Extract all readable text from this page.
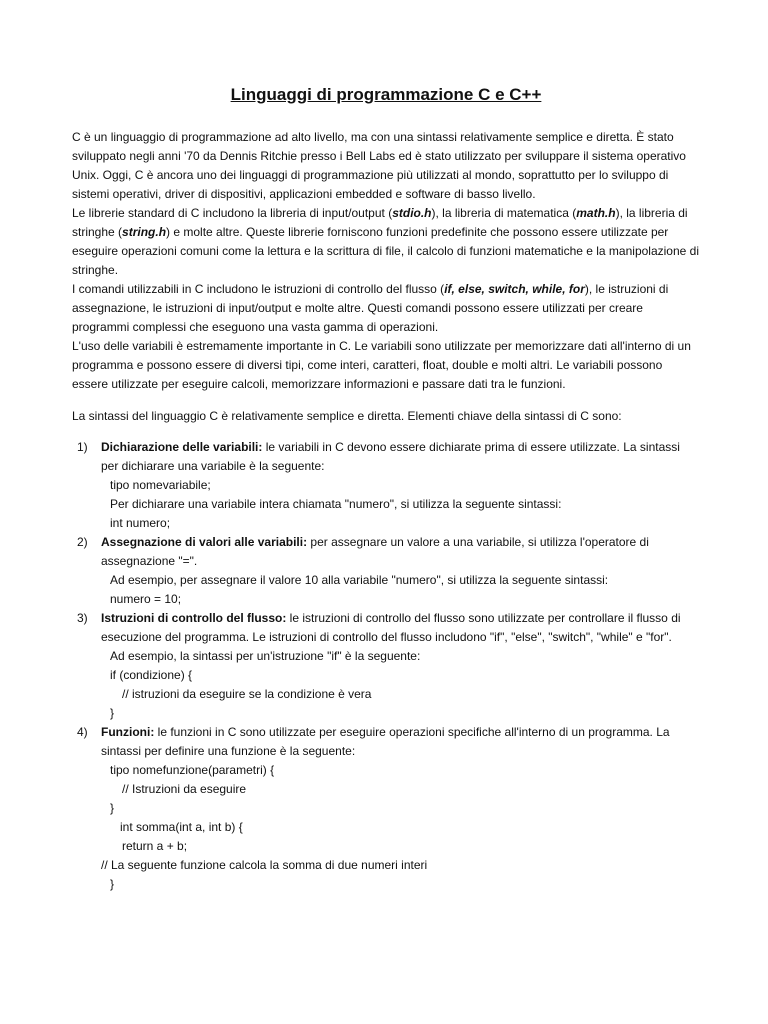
Linguaggi di programmazione C e C++

C è un linguaggio di programmazione ad alto livello, ma con una sintassi relativamente semplice e diretta. È stato sviluppato negli anni '70 da Dennis Ritchie presso i Bell Labs ed è stato utilizzato per sviluppare il sistema operativo Unix. Oggi, C è ancora uno dei linguaggi di programmazione più utilizzati al mondo, soprattutto per lo sviluppo di sistemi operativi, driver di dispositivi, applicazioni embedded e software di basso livello.

Le librerie standard di C includono la libreria di input/output (stdio.h), la libreria di matematica (math.h), la libreria di stringhe (string.h) e molte altre. Queste librerie forniscono funzioni predefinite che possono essere utilizzate per eseguire operazioni comuni come la lettura e la scrittura di file, il calcolo di funzioni matematiche e la manipolazione di stringhe.

I comandi utilizzabili in C includono le istruzioni di controllo del flusso (if, else, switch, while, for), le istruzioni di assegnazione, le istruzioni di input/output e molte altre. Questi comandi possono essere utilizzati per creare programmi complessi che eseguono una vasta gamma di operazioni.

L'uso delle variabili è estremamente importante in C. Le variabili sono utilizzate per memorizzare dati all'interno di un programma e possono essere di diversi tipi, come interi, caratteri, float, double e molti altri. Le variabili possono essere utilizzate per eseguire calcoli, memorizzare informazioni e passare dati tra le funzioni.

La sintassi del linguaggio C è relativamente semplice e diretta. Elementi chiave della sintassi di C sono:

1) Dichiarazione delle variabili: le variabili in C devono essere dichiarate prima di essere utilizzate. La sintassi per dichiarare una variabile è la seguente:
tipo nomevariabile;
Per dichiarare una variabile intera chiamata "numero", si utilizza la seguente sintassi:
int numero;
2) Assegnazione di valori alle variabili: per assegnare un valore a una variabile, si utilizza l'operatore di assegnazione "=".
Ad esempio, per assegnare il valore 10 alla variabile "numero", si utilizza la seguente sintassi:
numero = 10;
3) Istruzioni di controllo del flusso: le istruzioni di controllo del flusso sono utilizzate per controllare il flusso di esecuzione del programma. Le istruzioni di controllo del flusso includono "if", "else", "switch", "while" e "for".
Ad esempio, la sintassi per un'istruzione "if" è la seguente:
if (condizione) {
// istruzioni da eseguire se la condizione è vera
}
4) Funzioni: le funzioni in C sono utilizzate per eseguire operazioni specifiche all'interno di un programma. La sintassi per definire una funzione è la seguente:
tipo nomefunzione(parametri) {
// Istruzioni da eseguire
}
int somma(int a, int b) {
return a + b;
// La seguente funzione calcola la somma di due numeri interi
}
